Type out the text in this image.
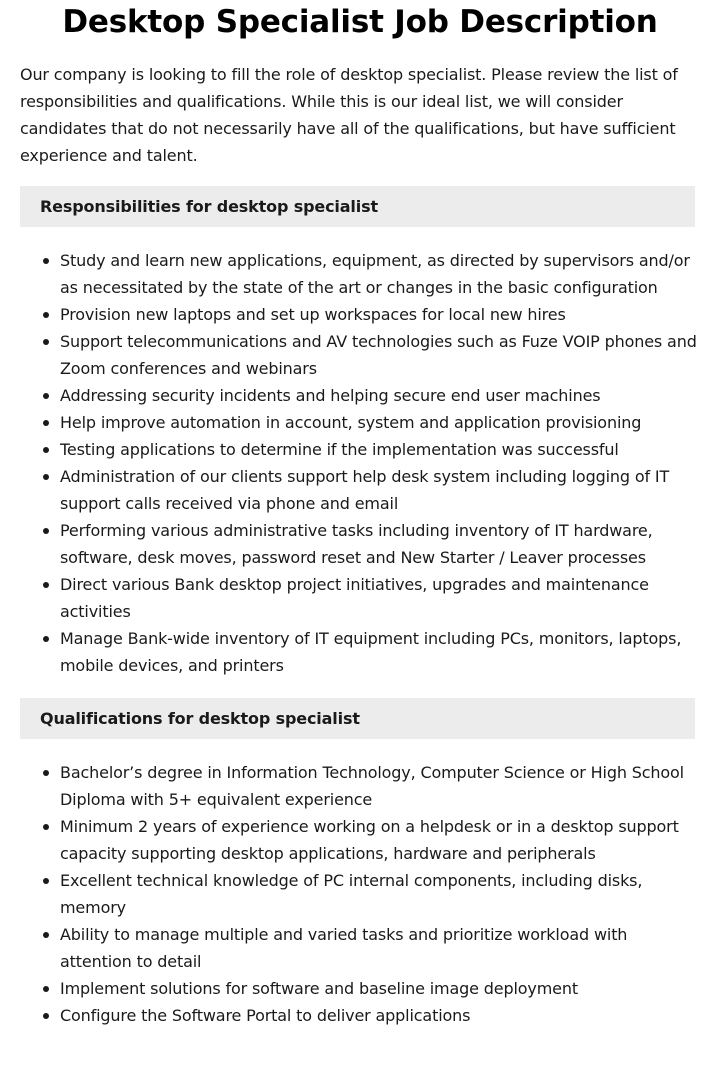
Desktop Specialist Job Description

Our company is looking to fill the role of desktop specialist. Please review the list of responsibilities and qualifications. While this is our ideal list, we will consider candidates that do not necessarily have all of the qualifications, but have sufficient experience and talent.

Responsibilities for desktop specialist
Study and learn new applications, equipment, as directed by supervisors and/or as necessitated by the state of the art or changes in the basic configuration
Provision new laptops and set up workspaces for local new hires
Support telecommunications and AV technologies such as Fuze VOIP phones and Zoom conferences and webinars
Addressing security incidents and helping secure end user machines
Help improve automation in account, system and application provisioning
Testing applications to determine if the implementation was successful
Administration of our clients support help desk system including logging of IT support calls received via phone and email
Performing various administrative tasks including inventory of IT hardware, software, desk moves, password reset and New Starter / Leaver processes
Direct various Bank desktop project initiatives, upgrades and maintenance activities
Manage Bank-wide inventory of IT equipment including PCs, monitors, laptops, mobile devices, and printers
Qualifications for desktop specialist
Bachelor’s degree in Information Technology, Computer Science or High School Diploma with 5+ equivalent experience
Minimum 2 years of experience working on a helpdesk or in a desktop support capacity supporting desktop applications, hardware and peripherals
Excellent technical knowledge of PC internal components, including disks, memory
Ability to manage multiple and varied tasks and prioritize workload with attention to detail
Implement solutions for software and baseline image deployment
Configure the Software Portal to deliver applications
